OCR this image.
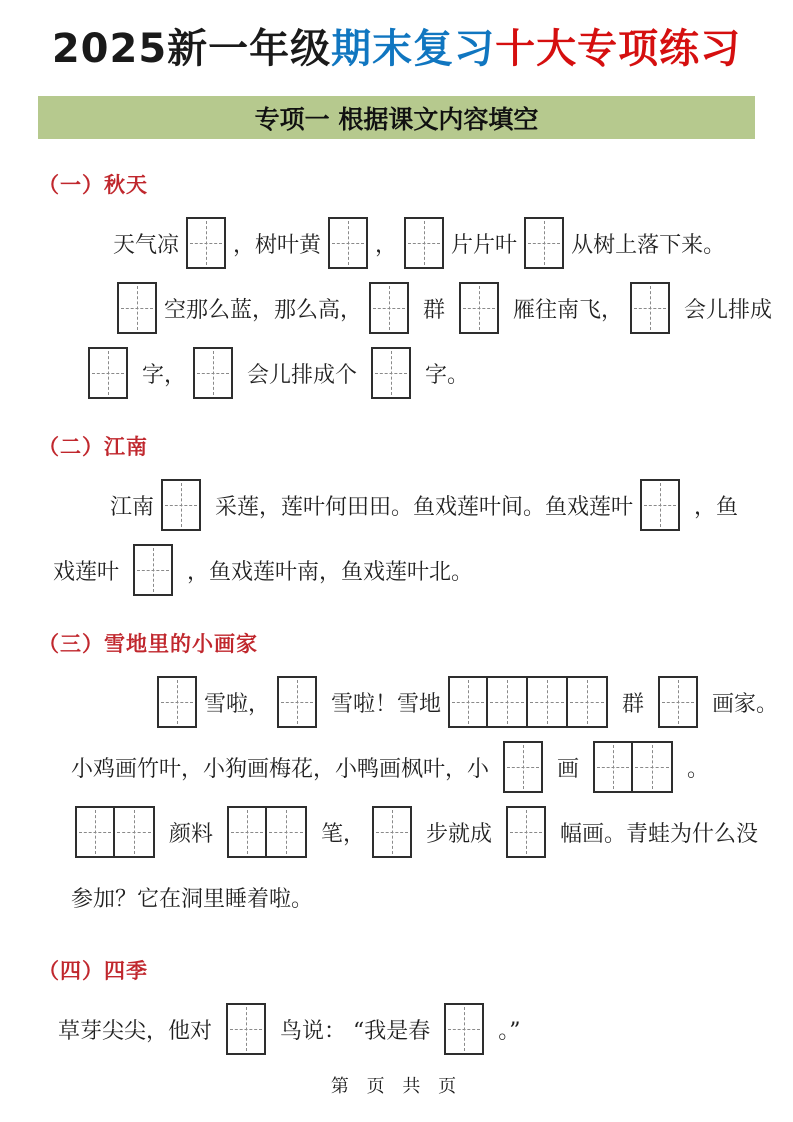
2025新一年级期末复习十大专项练习
专项一 根据课文内容填空
（一）秋天
天气凉 ，树叶黄 ， 片片叶 从树上落下来。
空那么蓝，那么高， 群 雁往南飞， 会儿排成
字， 会儿排成个 字。
（二）江南
江南 采莲，莲叶何田田。鱼戏莲叶间。鱼戏莲叶 ，鱼
戏莲叶 ，鱼戏莲叶南，鱼戏莲叶北。
（三）雪地里的小画家
雪啦， 雪啦！雪地	群 画家。
小鸡画竹叶，小狗画梅花，小鸭画枫叶，小 画	。
颜料	笔， 步就成 幅画。青蛙为什么没
参加？它在洞里睡着啦。
（四）四季
草芽尖尖，他对 鸟说： “我是春 。”
第 页 共 页
